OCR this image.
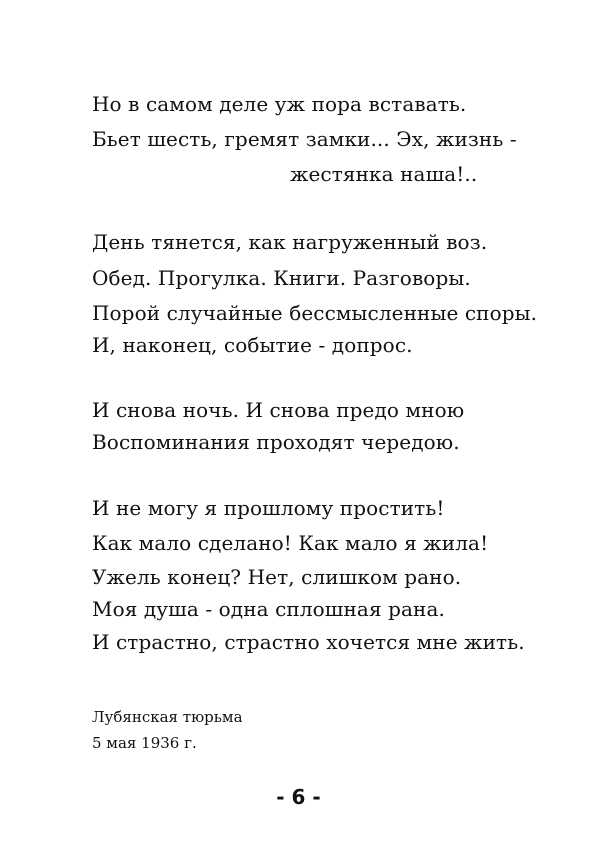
Но в самом деле уж пора вставать.
Бьет шесть, гремят замки... Эх, жизнь -
жестянка наша!..
День тянется, как нагруженный воз.
Обед. Прогулка. Книги. Разговоры.
Порой случайные бессмысленные споры.
И, наконец, событие - допрос.
И снова ночь. И снова предо мною
Воспоминания проходят чередою.
И не могу я прошлому простить!
Как мало сделано! Как мало я жила!
Ужель конец? Нет, слишком рано.
Моя душа - одна сплошная рана.
И страстно, страстно хочется мне жить.
Лубянская тюрьма
5 мая 1936 г.
- 6 -
